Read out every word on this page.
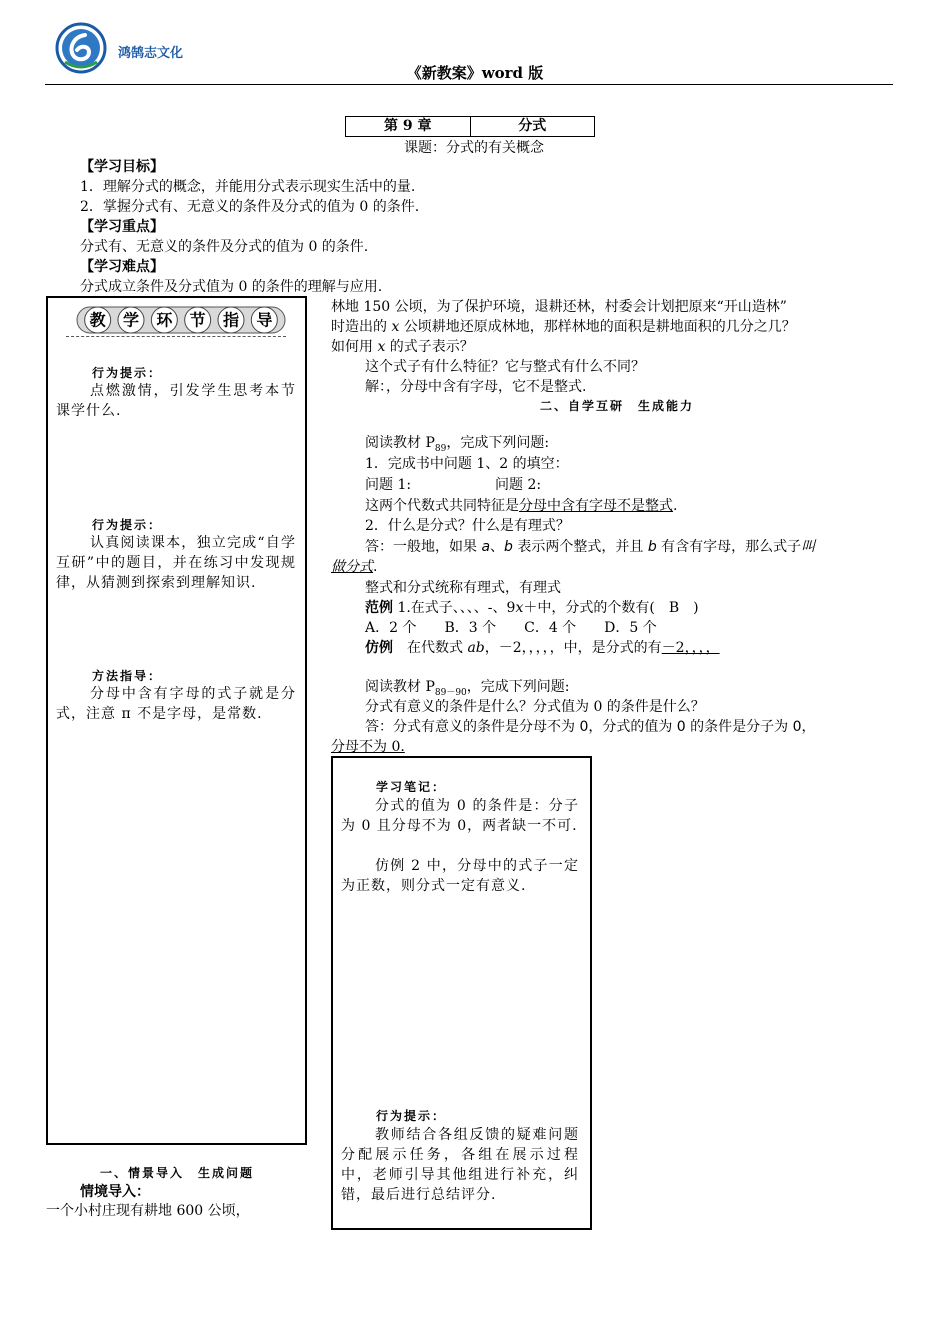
鸿鹄志文化
《新教案》word 版
第 9 章	分式
课题：分式的有关概念
【学习目标】
1．理解分式的概念，并能用分式表示现实生活中的量.
2．掌握分式有、无意义的条件及分式的值为 0 的条件.
【学习重点】
分式有、无意义的条件及分式的值为 0 的条件.
【学习难点】
分式成立条件及分式值为 0 的条件的理解与应用.
教 学 环 节 指 导
行为提示：
点燃激情，引发学生思考本节课学什么.
行为提示：
认真阅读课本，独立完成“自学互研”中的题目，并在练习中发现规律，从猜测到探索到理解知识.
方法指导：
分母中含有字母的式子就是分式，注意 π 不是字母，是常数.
一、情景导入　生成问题
情境导入：
一个小村庄现有耕地 600 公顷，
林地 150 公顷，为了保护环境，退耕还林，村委会计划把原来“开山造林”
时造出的 x 公顷耕地还原成林地，那样林地的面积是耕地面积的几分之几？
如何用 x 的式子表示？
这个式子有什么特征？它与整式有什么不同？
解：，分母中含有字母，它不是整式.
二、自学互研　生成能力
阅读教材 $P_{89}$，完成下列问题:
1．完成书中问题 1、2 的填空：
问题 1:	问题 2:
这两个代数式共同特征是分母中含有字母不是整式.
2．什么是分式？什么是有理式？
答：一般地，如果 a、b 表示两个整式，并且 b 有含有字母，那么式子叫
做分式.
整式和分式统称有理式，有理式
范例 1.在式子、、、、-、9x＋中，分式的个数有(　B　)
A．2 个　　B．3 个　　C．4 个　　D．5 个
仿例　在代数式 ab，－2，，，，，中，是分式的有－2，，，，
阅读教材 $P_{89-90}$，完成下列问题:
分式有意义的条件是什么？分式值为 0 的条件是什么？
答：分式有意义的条件是分母不为 0，分式的值为 0 的条件是分子为 0，
分母不为 0.
学习笔记：
分式的值为 0 的条件是：分子为 0 且分母不为 0，两者缺一不可.
仿例 2 中，分母中的式子一定为正数，则分式一定有意义.
行为提示：
教师结合各组反馈的疑难问题分配展示任务，各组在展示过程中，老师引导其他组进行补充，纠错，最后进行总结评分.
